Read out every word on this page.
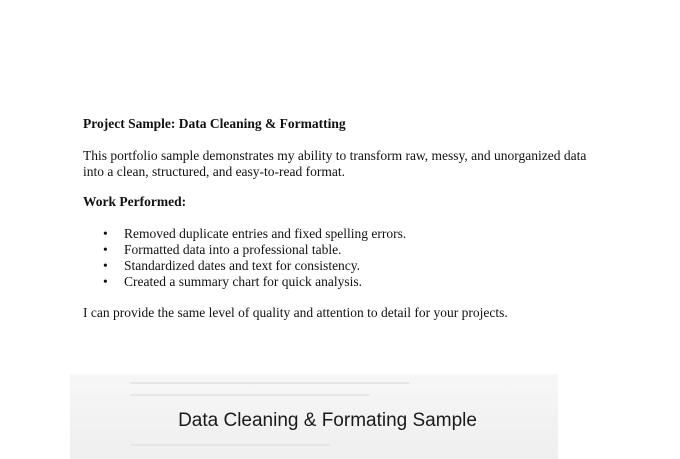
Project Sample: Data Cleaning & Formatting
This portfolio sample demonstrates my ability to transform raw, messy, and unorganized data
into a clean, structured, and easy-to-read format.
Work Performed:
• Removed duplicate entries and fixed spelling errors.
• Formatted data into a professional table.
• Standardized dates and text for consistency.
• Created a summary chart for quick analysis.
I can provide the same level of quality and attention to detail for your projects.
Data Cleaning & Formating Sample
